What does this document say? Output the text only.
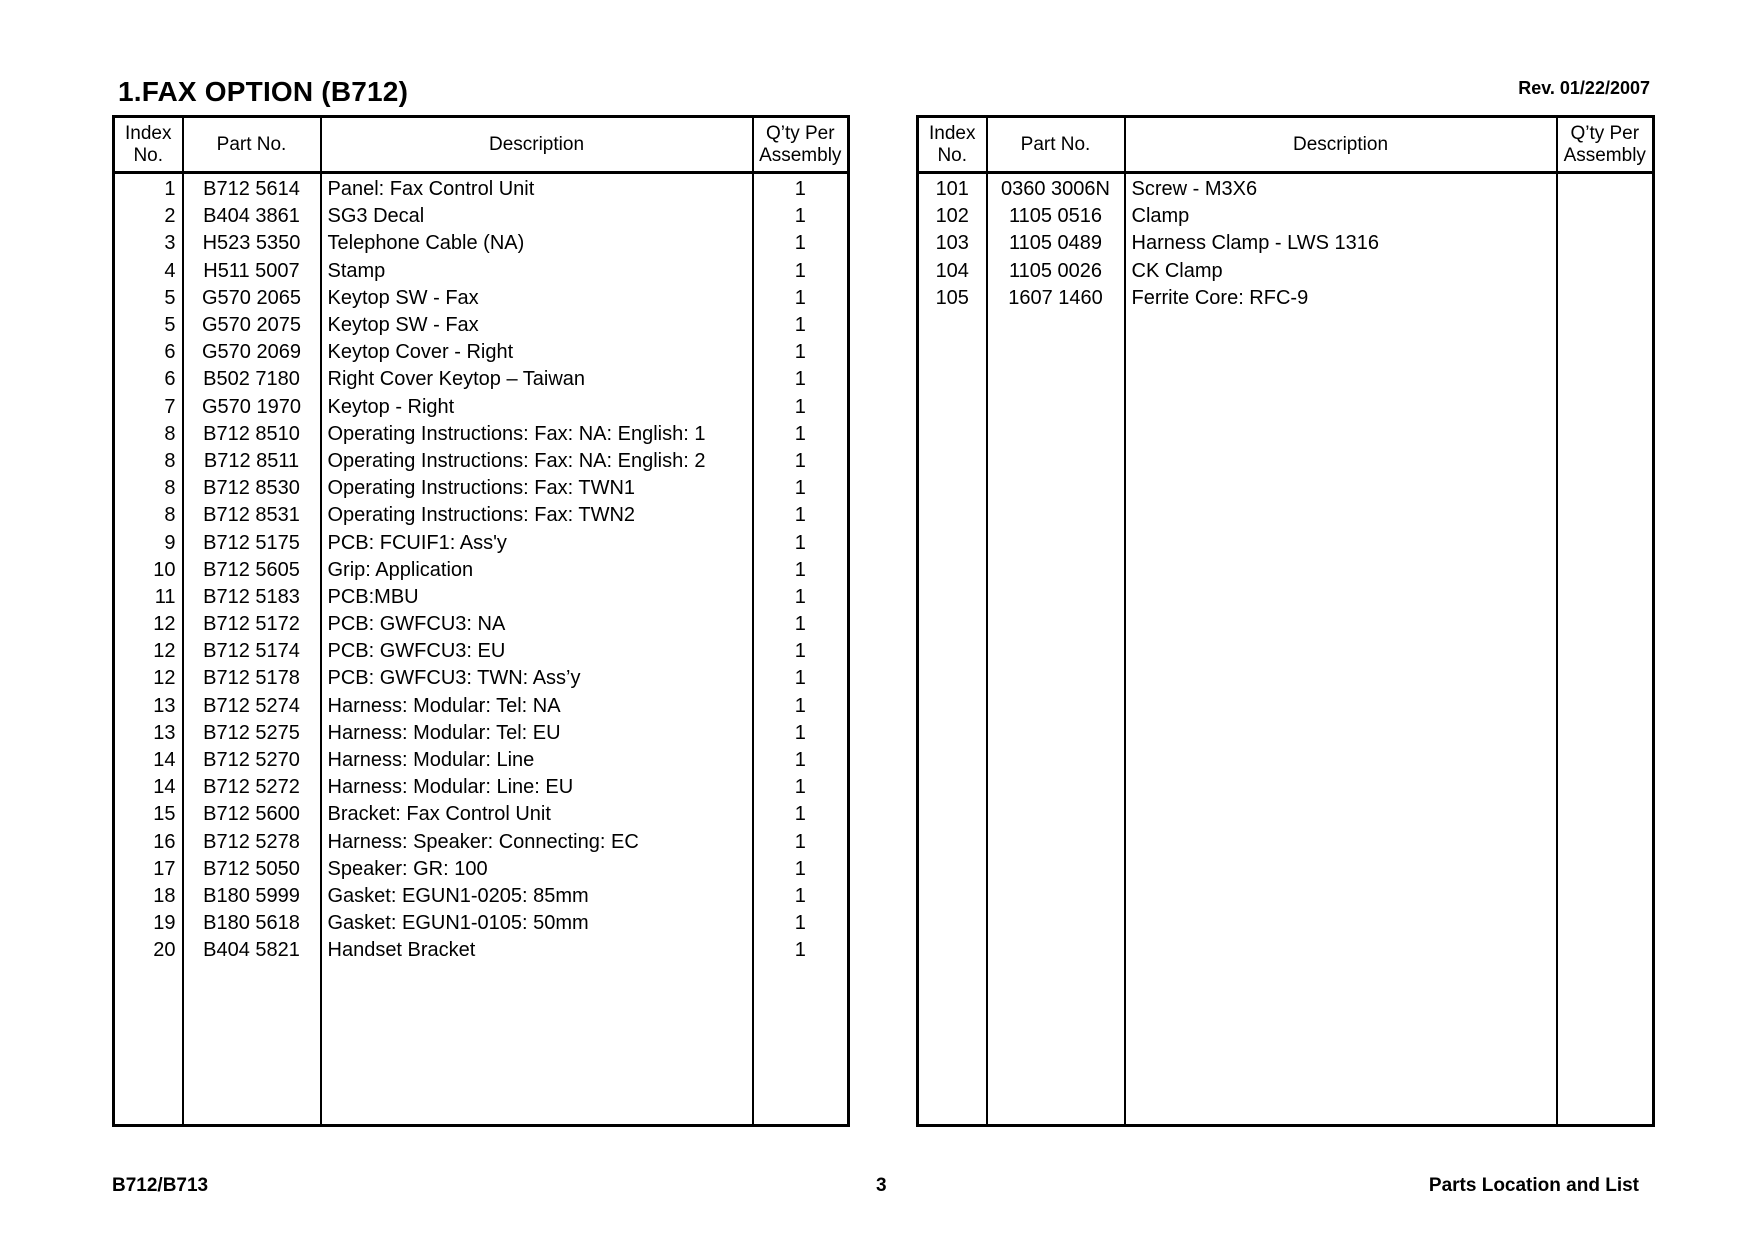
1.FAX OPTION (B712)	Rev. 01/22/2007
Index
No.	Part No.	Description	Q’ty Per
Assembly
1	B712 5614	Panel: Fax Control Unit	1
2	B404 3861	SG3 Decal	1
3	H523 5350	Telephone Cable (NA)	1
4	H511 5007	Stamp	1
5	G570 2065	Keytop SW - Fax	1
5	G570 2075	Keytop SW - Fax	1
6	G570 2069	Keytop Cover - Right	1
6	B502 7180	Right Cover Keytop – Taiwan	1
7	G570 1970	Keytop - Right	1
8	B712 8510	Operating Instructions: Fax: NA: English: 1	1
8	B712 8511	Operating Instructions: Fax: NA: English: 2	1
8	B712 8530	Operating Instructions: Fax: TWN1	1
8	B712 8531	Operating Instructions: Fax: TWN2	1
9	B712 5175	PCB: FCUIF1: Ass'y	1
10	B712 5605	Grip: Application	1
11	B712 5183	PCB:MBU	1
12	B712 5172	PCB: GWFCU3: NA	1
12	B712 5174	PCB: GWFCU3: EU	1
12	B712 5178	PCB: GWFCU3: TWN: Ass’y	1
13	B712 5274	Harness: Modular: Tel: NA	1
13	B712 5275	Harness: Modular: Tel: EU	1
14	B712 5270	Harness: Modular: Line	1
14	B712 5272	Harness: Modular: Line: EU	1
15	B712 5600	Bracket: Fax Control Unit	1
16	B712 5278	Harness: Speaker: Connecting: EC	1
17	B712 5050	Speaker: GR: 100	1
18	B180 5999	Gasket: EGUN1-0205: 85mm	1
19	B180 5618	Gasket: EGUN1-0105: 50mm	1
20	B404 5821	Handset Bracket	1

Index
No.	Part No.	Description	Q’ty Per
Assembly
101	0360 3006N	Screw - M3X6	
102	1105 0516	Clamp	
103	1105 0489	Harness Clamp - LWS 1316	
104	1105 0026	CK Clamp	
105	1607 1460	Ferrite Core: RFC-9	

B712/B713	3	Parts Location and List
